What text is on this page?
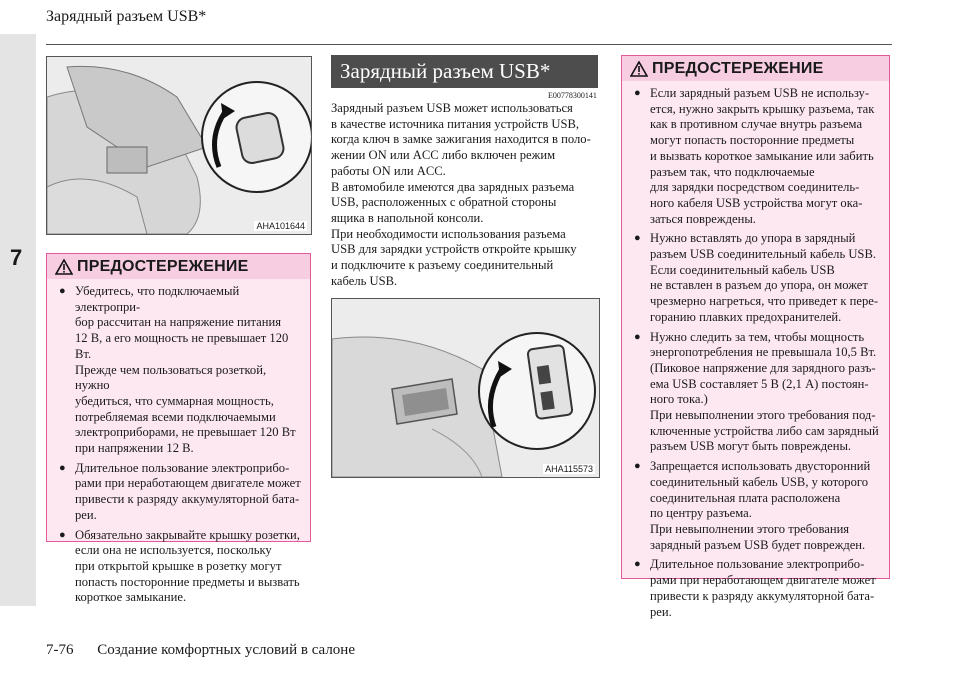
Зарядный разъем USB*
7
AHA101644
ПРЕДОСТЕРЕЖЕНИЕ
● Убедитесь, что подключаемый электропри-
бор рассчитан на напряжение питания
12 В, а его мощность не превышает 120 Вт.
Прежде чем пользоваться розеткой, нужно
убедиться, что суммарная мощность,
потребляемая всеми подключаемыми
электроприборами, не превышает 120 Вт
при напряжении 12 В.
● Длительное пользование электроприбо-
рами при неработающем двигателе может
привести к разряду аккумуляторной бата-
реи.
● Обязательно закрывайте крышку розетки,
если она не используется, поскольку
при открытой крышке в розетку могут
попасть посторонние предметы и вызвать
короткое замыкание.
Зарядный разъем USB*
E00778300141
Зарядный разъем USB может использоваться
в качестве источника питания устройств USB,
когда ключ в замке зажигания находится в поло-
жении ON или ACC либо включен режим
работы ON или ACC.
В автомобиле имеются два зарядных разъема
USB, расположенных с обратной стороны
ящика в напольной консоли.
При необходимости использования разъема
USB для зарядки устройств откройте крышку
и подключите к разъему соединительный
кабель USB.
AHA115573
ПРЕДОСТЕРЕЖЕНИЕ
● Если зарядный разъем USB не использу-
ется, нужно закрыть крышку разъема, так
как в противном случае внутрь разъема
могут попасть посторонние предметы
и вызвать короткое замыкание или забить
разъем так, что подключаемые
для зарядки посредством соединитель-
ного кабеля USB устройства могут ока-
заться повреждены.
● Нужно вставлять до упора в зарядный
разъем USB соединительный кабель USB.
Если соединительный кабель USB
не вставлен в разъем до упора, он может
чрезмерно нагреться, что приведет к пере-
горанию плавких предохранителей.
● Нужно следить за тем, чтобы мощность
энергопотребления не превышала 10,5 Вт.
(Пиковое напряжение для зарядного разъ-
ема USB составляет 5 В (2,1 А) постоян-
ного тока.)
При невыполнении этого требования под-
ключенные устройства либо сам зарядный
разъем USB могут быть повреждены.
● Запрещается использовать двусторонний
соединительный кабель USB, у которого
соединительная плата расположена
по центру разъема.
При невыполнении этого требования
зарядный разъем USB будет поврежден.
● Длительное пользование электроприбо-
рами при неработающем двигателе может
привести к разряду аккумуляторной бата-
реи.
7-76 Создание комфортных условий в салоне
